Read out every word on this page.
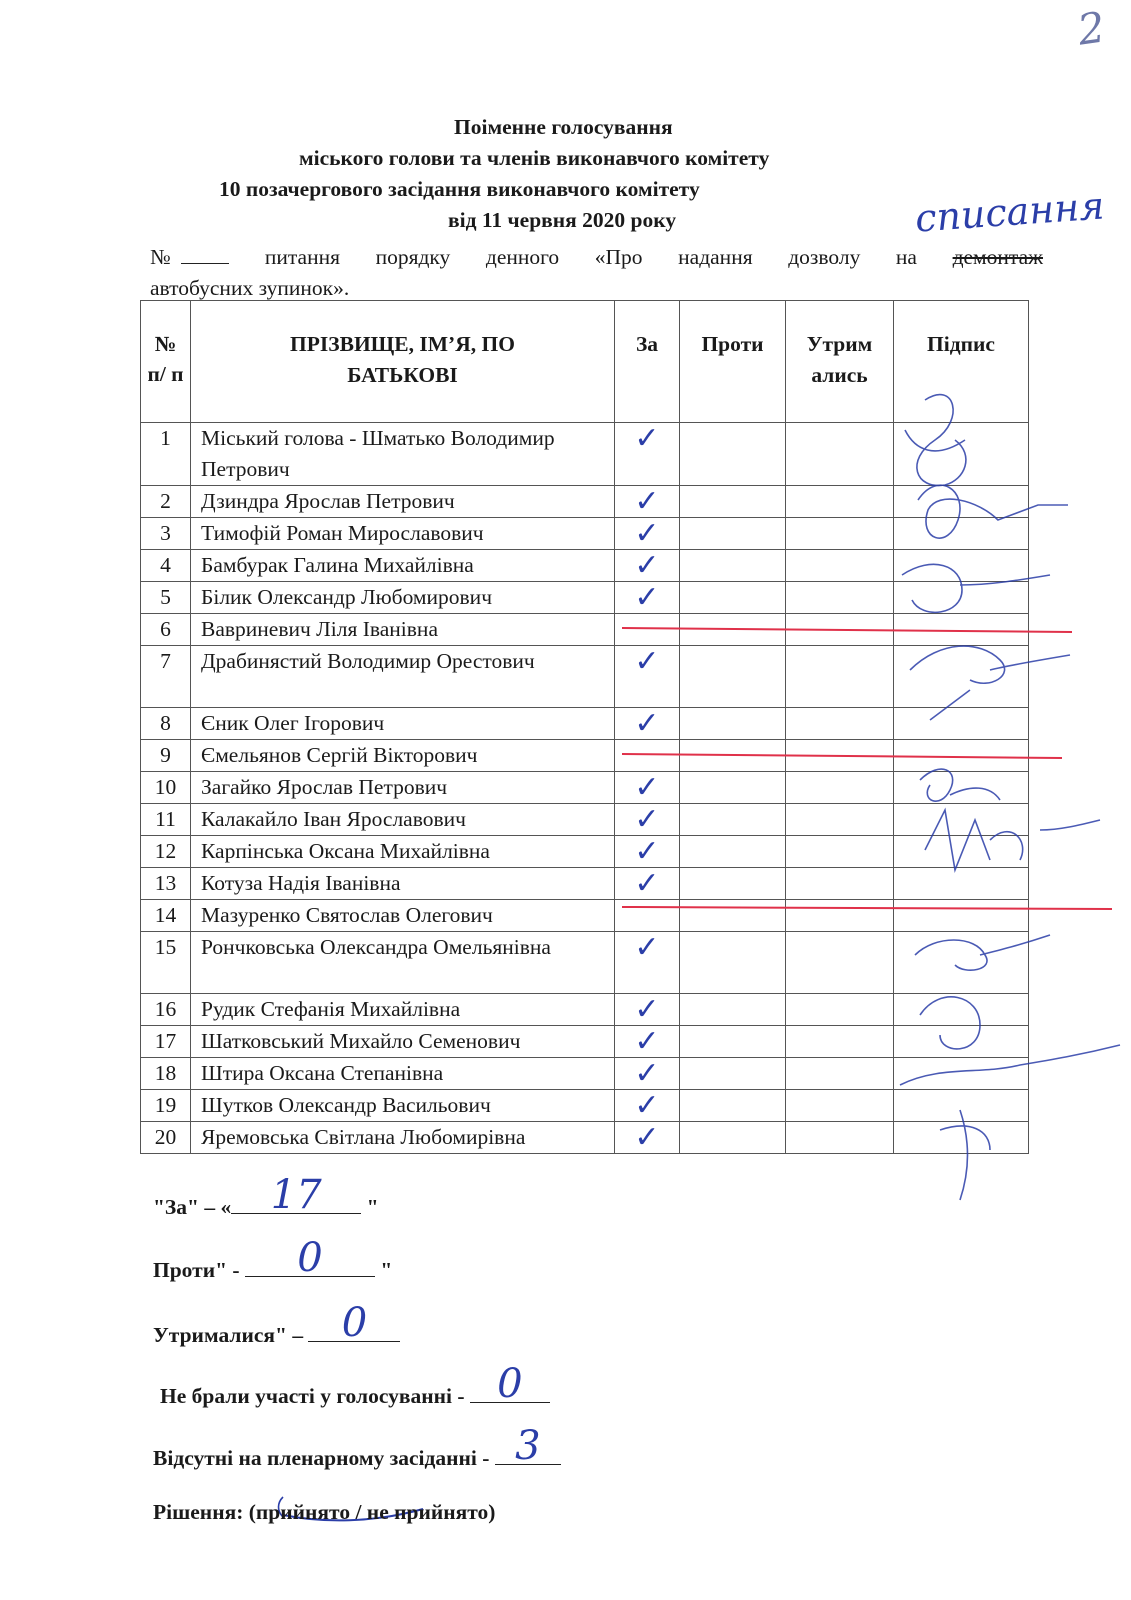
2
Поіменне голосування
міського голови та членів виконавчого комітету
10 позачергового засідання виконавчого комітету
від 11 червня 2020 року	списання
№	питання порядку денного «Про надання дозволу на демонтаж
автобусних зупинок».
№ п/ п	ПРІЗВИЩЕ, ІМ’Я, ПО БАТЬКОВІ	За	Проти	Утрим ались	Підпис
1	Міський голова - Шматько Володимир Петрович	✓			
2	Дзиндра Ярослав Петрович	✓			
3	Тимофій Роман Мирославович	✓			
4	Бамбурак Галина Михайлівна	✓			
5	Білик Олександр Любомирович	✓			
6	Вавриневич Ліля Іванівна				
7	Драбинястий Володимир Орестович	✓			
8	Єник Олег Ігорович	✓			
9	Ємельянов Сергій Вікторович				
10	Загайко Ярослав Петрович	✓			
11	Калакайло Іван Ярославович	✓			
12	Карпінська Оксана Михайлівна	✓			
13	Котуза Надія Іванівна	✓			
14	Мазуренко Святослав Олегович				
15	Рончковська Олександра Омельянівна	✓			
16	Рудик Стефанія Михайлівна	✓			
17	Шатковський Михайло Семенович	✓			
18	Штира Оксана Степанівна	✓			
19	Шутков Олександр Васильович	✓			
20	Яремовська Світлана Любомирівна	✓			
"За" – « 17	"
Проти" -	0	"
Утрималися" – 0
Не брали участі у голосуванні - 0
Відсутні на пленарному засіданні - 3
Рішення: (прийнято / не прийнято)
